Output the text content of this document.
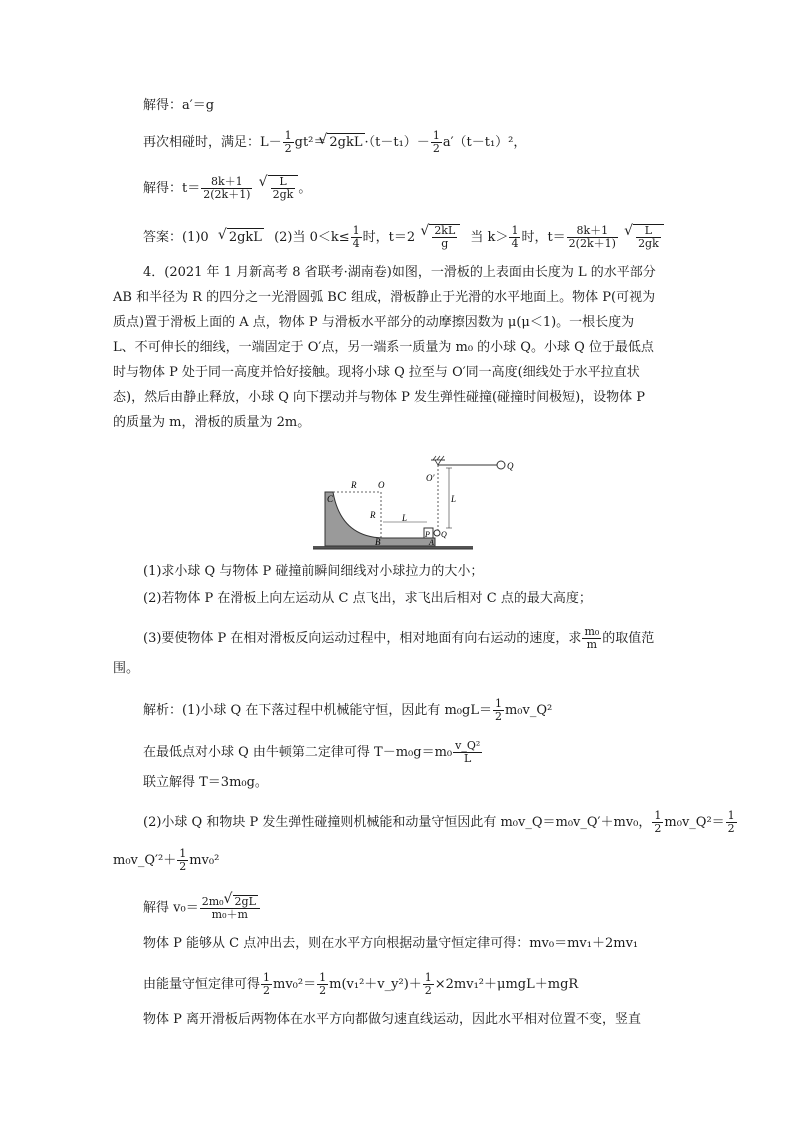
解得：a′＝g
再次相碰时，满足：$L- \frac{1}{2} gt^2=√$ $2gkL \cdot(t-t_1)- \frac{1}{2} a'(t-t_1)^2$，
解得：$t= \frac{8k+1}{2(2k+1)}$

√ $\frac{L}{2gk}$ 。
答案：(1)0 √ 2gkL (2)当 $0<k\le \frac{1}{4}$ 时，t＝2
√ $\frac{2kL}{g}$ 当 $k> \frac{1}{4}$ 时，$t= \frac{8k+1}{2(2k+1)}$

√ $\frac{L}{2gk}$
4．(2021 年 1 月新高考 8 省联考·湖南卷)如图，一滑板的上表面由长度为 L 的水平部分
AB 和半径为 R 的四分之一光滑圆弧 BC 组成，滑板静止于光滑的水平地面上。物体 P(可视为
质点)置于滑板上面的 A 点，物体 P 与滑板水平部分的动摩擦因数为 μ(μ＜1)。一根长度为
L、不可伸长的细线，一端固定于 O′点，另一端系一质量为 m₀ 的小球 Q。小球 Q 位于最低点
时与物体 P 处于同一高度并恰好接触。现将小球 Q 拉至与 O′同一高度(细线处于水平拉直状
态)，然后由静止释放，小球 Q 向下摆动并与物体 P 发生弹性碰撞(碰撞时间极短)，设物体 P
的质量为 m，滑板的质量为 2m。
R O
R	L
L
Q
O′
C
B	A
P Q
(1)求小球 Q 与物体 P 碰撞前瞬间细线对小球拉力的大小；
(2)若物体 P 在滑板上向左运动从 C 点飞出，求飞出后相对 C 点的最大高度；
(3)要使物体 P 在相对滑板反向运动过程中，相对地面有向右运动的速度，求 $\frac{\text{m₀}}{m}$ 的取值范
围。
解析：(1)小球 Q 在下落过程中机械能守恒，因此有 $m_0gL= \frac{1}{2}$ m₀v_Q²
在最低点对小球 Q 由牛顿第二定律可得 $T-m_0g=m_0 \frac{\text{v\_Q²}}{L}$
联立解得 T＝3m₀g。
(2)小球 Q 和物块 P 发生弹性碰撞则机械能和动量守恒因此有 m₀v_Q＝m₀v_Q′＋mv₀， $\frac{1}{2}$ m₀v_Q²＝ $\frac{1}{2}$
m₀v_Q′²＋ $\frac{1}{2} mv_0^2$
解得 $v_0= \frac{\text{2m₀√ 2gL}}{\text{m₀＋m}}$
物体 P 能够从 C 点冲出去，则在水平方向根据动量守恒定律可得：mv₀＝mv₁＋2mv₁
由能量守恒定律可得 $\frac{1}{2} mv_0^2= \frac{1}{2}$ m(v₁²＋v_y²)＋ $\frac{1}{2} \times 2mv_1^2+\mu mgL+mgR$
物体 P 离开滑板后两物体在水平方向都做匀速直线运动，因此水平相对位置不变，竖直
